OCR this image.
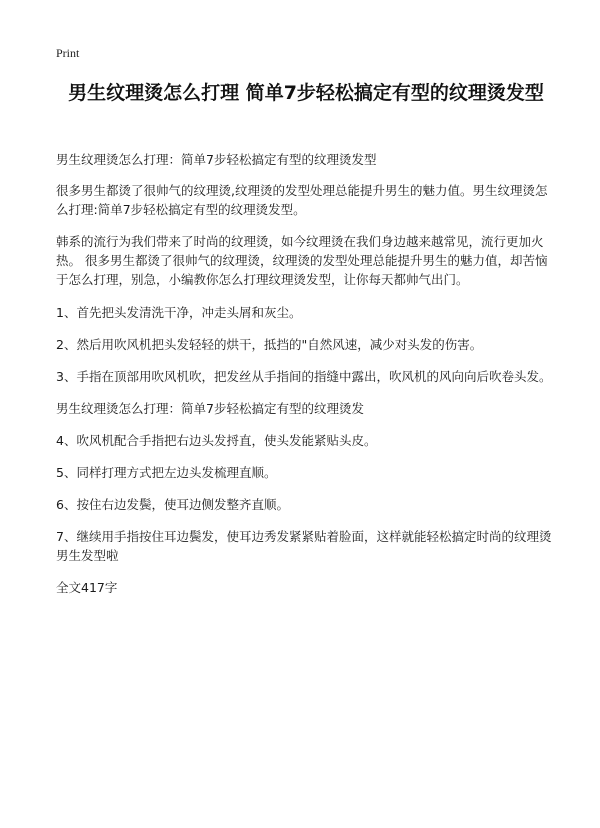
Print
男生纹理烫怎么打理 简单7步轻松搞定有型的纹理烫发型

男生纹理烫怎么打理：简单7步轻松搞定有型的纹理烫发型

很多男生都烫了很帅气的纹理烫,纹理烫的发型处理总能提升男生的魅力值。男生纹理烫怎么打理:简单7步轻松搞定有型的纹理烫发型。

韩系的流行为我们带来了时尚的纹理烫，如今纹理烫在我们身边越来越常见，流行更加火热。 很多男生都烫了很帅气的纹理烫，纹理烫的发型处理总能提升男生的魅力值，却苦恼于怎么打理，别急，小编教你怎么打理纹理烫发型，让你每天都帅气出门。

1、首先把头发清洗干净，冲走头屑和灰尘。

2、然后用吹风机把头发轻轻的烘干，抵挡的"自然风速，减少对头发的伤害。

3、手指在顶部用吹风机吹，把发丝从手指间的指缝中露出，吹风机的风向向后吹卷头发。

男生纹理烫怎么打理：简单7步轻松搞定有型的纹理烫发

4、吹风机配合手指把右边头发捋直，使头发能紧贴头皮。

5、同样打理方式把左边头发梳理直顺。

6、按住右边发鬓，使耳边侧发整齐直顺。

7、继续用手指按住耳边鬓发，使耳边秀发紧紧贴着脸面，这样就能轻松搞定时尚的纹理烫男生发型啦

全文417字
